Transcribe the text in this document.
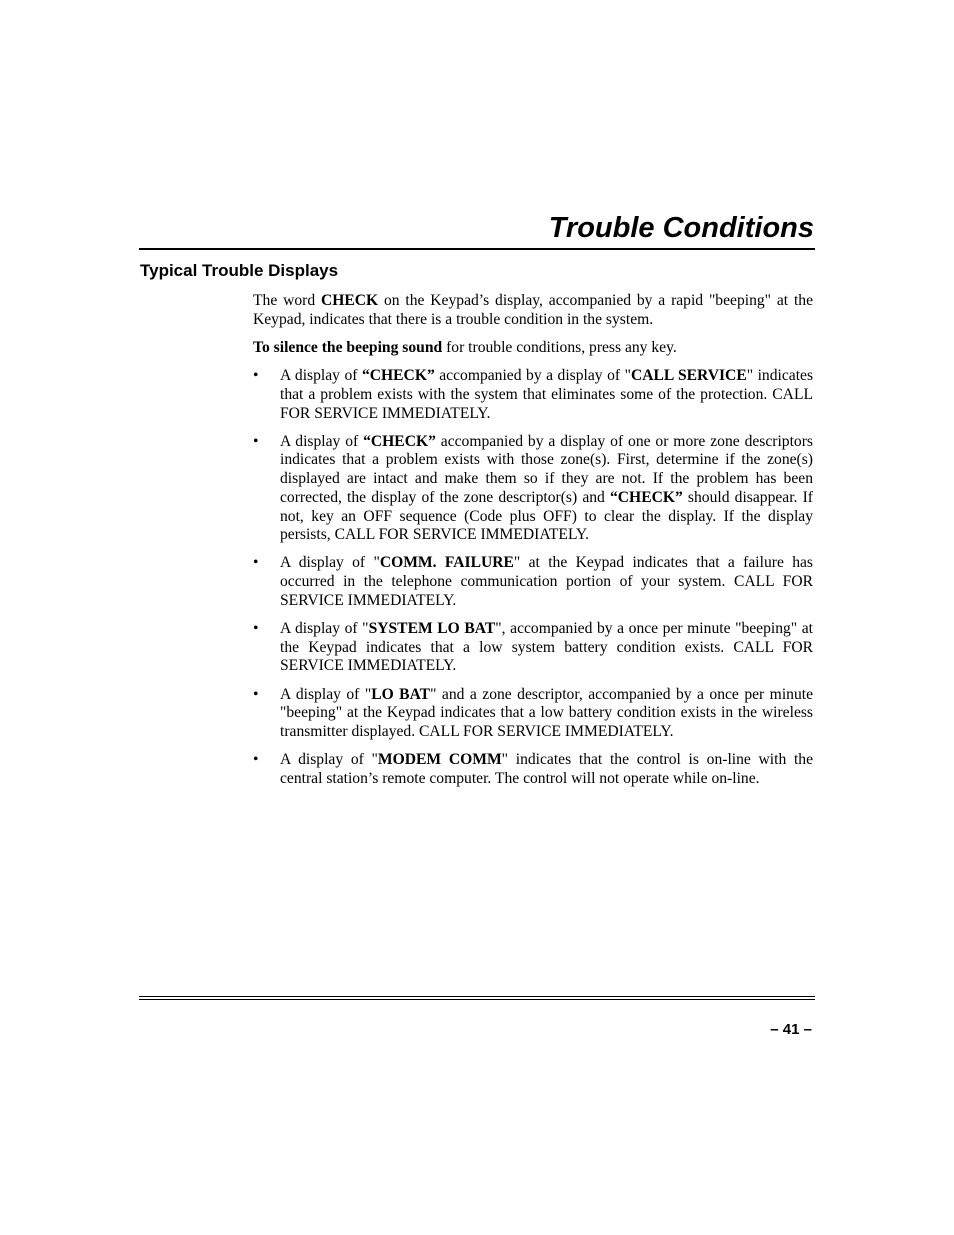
Trouble Conditions
Typical Trouble Displays

The word CHECK on the Keypad’s display, accompanied by a rapid "beeping" at the Keypad, indicates that there is a trouble condition in the system.

To silence the beeping sound for trouble conditions, press any key.

• A display of “CHECK” accompanied by a display of "CALL SERVICE" indicates that a problem exists with the system that eliminates some of the protection. CALL FOR SERVICE IMMEDIATELY.
• A display of “CHECK” accompanied by a display of one or more zone descriptors indicates that a problem exists with those zone(s). First, determine if the zone(s) displayed are intact and make them so if they are not. If the problem has been corrected, the display of the zone descriptor(s) and “CHECK” should disappear. If not, key an OFF sequence (Code plus OFF) to clear the display. If the display persists, CALL FOR SERVICE IMMEDIATELY.
• A display of "COMM. FAILURE" at the Keypad indicates that a failure has occurred in the telephone communication portion of your system. CALL FOR SERVICE IMMEDIATELY.
• A display of "SYSTEM LO BAT", accompanied by a once per minute "beeping" at the Keypad indicates that a low system battery condition exists. CALL FOR SERVICE IMMEDIATELY.
• A display of "LO BAT" and a zone descriptor, accompanied by a once per minute "beeping" at the Keypad indicates that a low battery condition exists in the wireless transmitter displayed. CALL FOR SERVICE IMMEDIATELY.
• A display of "MODEM COMM" indicates that the control is on-line with the central station’s remote computer. The control will not operate while on-line.
– 41 –
